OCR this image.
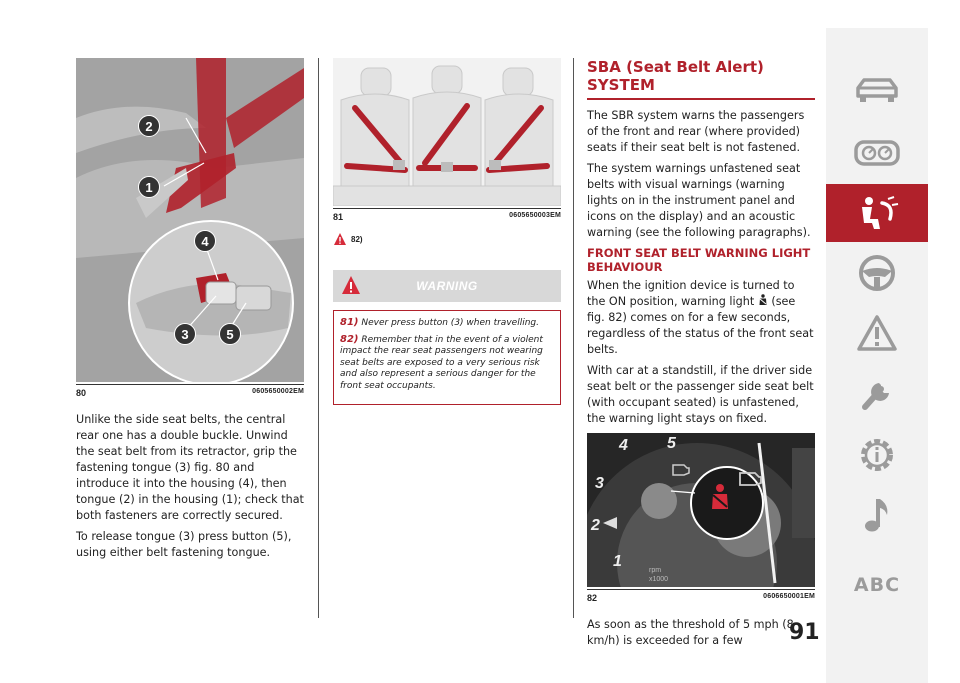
2
1
4
3	5
80	0605650002EM

Unlike the side seat belts, the central rear one has a double buckle. Unwind the seat belt from its retractor, grip the fastening tongue (3) fig. 80 and introduce it into the housing (4), then tongue (2) in the housing (1); check that both fasteners are correctly secured.

To release tongue (3) press button (5), using either belt fastening tongue.

81	0605650003EM
82)
WARNING
81) Never press button (3) when travelling.
82) Remember that in the event of a violent impact the rear seat passengers not wearing seat belts are exposed to a very serious risk and also represent a serious danger for the front seat occupants.
SBA (Seat Belt Alert) SYSTEM

The SBR system warns the passengers of the front and rear (where provided) seats if their seat belt is not fastened.

The system warnings unfastened seat belts with visual warnings (warning lights on in the instrument panel and icons on the display) and an acoustic warning (see the following paragraphs).

FRONT SEAT BELT WARNING LIGHT BEHAVIOUR

When the ignition device is turned to the ON position, warning light (see fig. 82) comes on for a few seconds, regardless of the status of the front seat belts.

With car at a standstill, if the driver side seat belt or the passenger side seat belt (with occupant seated) is unfastened, the warning light stays on fixed.

4 5
3
2
1
rpm
x1000
82	0606650001EM

As soon as the threshold of 5 mph (8 km/h) is exceeded for a few	91
ABC
